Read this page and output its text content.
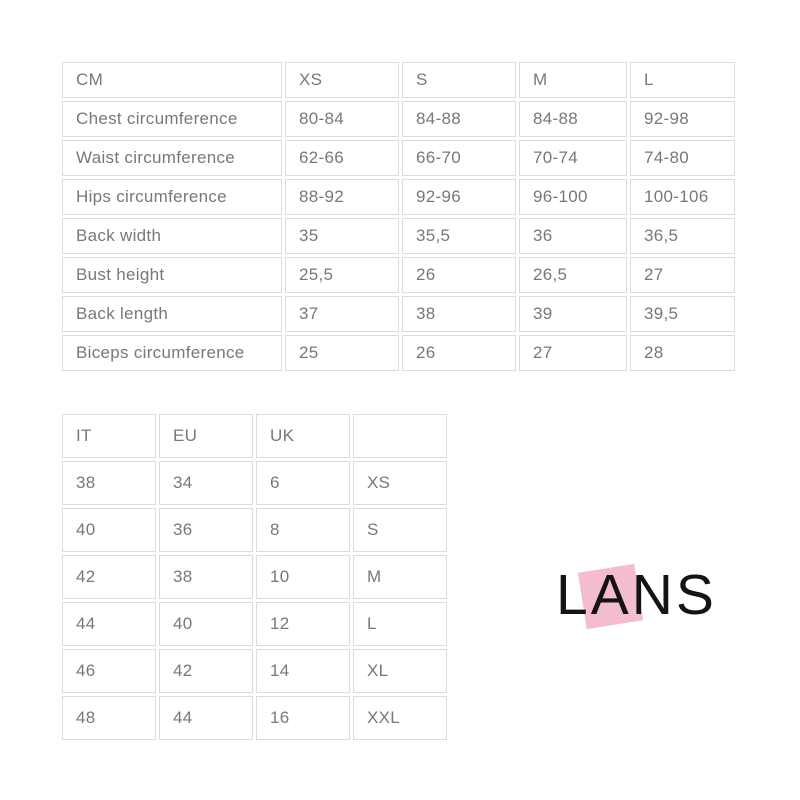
CM	XS	S	M	L
Chest circumference	80-84	84-88	84-88	92-98
Waist circumference	62-66	66-70	70-74	74-80
Hips circumference	88-92	92-96	96-100	100-106
Back width	35	35,5	36	36,5
Bust height	25,5	26	26,5	27
Back length	37	38	39	39,5
Biceps circumference	25	26	27	28
IT	EU	UK	
38	34	6	XS
40	36	8	S
42	38	10	M
44	40	12	L
46	42	14	XL
48	44	16	XXL
LANS
